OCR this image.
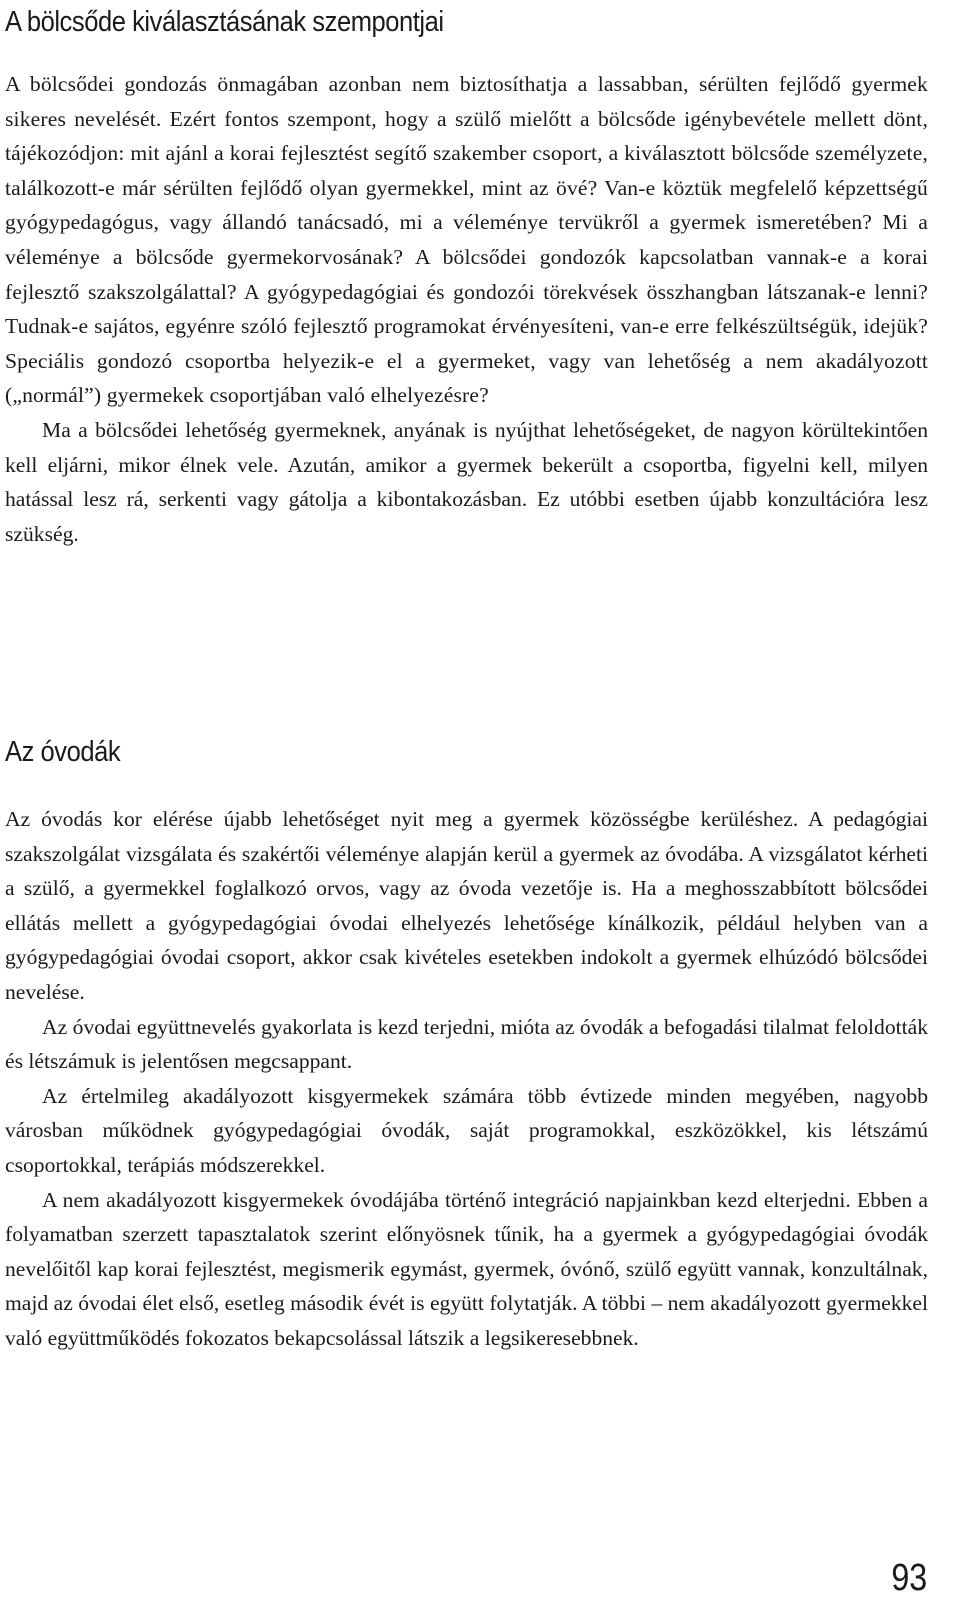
A bölcsőde kiválasztásának szempontjai

A bölcsődei gondozás önmagában azonban nem biztosíthatja a lassabban, sérülten fejlődő gyermek sikeres nevelését. Ezért fontos szempont, hogy a szülő mielőtt a bölcsőde igénybevétele mellett dönt, tájékozódjon: mit ajánl a korai fejlesztést segítő szakember csoport, a kiválasztott bölcsőde személyzete, találkozott-e már sérülten fejlődő olyan gyermekkel, mint az övé? Van-e köztük megfelelő képzettségű gyógypedagógus, vagy állandó tanácsadó, mi a véleménye tervükről a gyermek ismeretében? Mi a véleménye a bölcsőde gyermekorvosának? A bölcsődei gondozók kapcsolatban vannak-e a korai fejlesztő szakszolgálattal? A gyógypedagógiai és gondozói törekvések összhangban látszanak-e lenni? Tudnak-e sajátos, egyénre szóló fejlesztő programokat érvényesíteni, van-e erre felkészültségük, idejük? Speciális gondozó csoportba helyezik-e el a gyermeket, vagy van lehetőség a nem akadályozott („normál”) gyermekek csoportjában való elhelyezésre?

Ma a bölcsődei lehetőség gyermeknek, anyának is nyújthat lehetőségeket, de nagyon körültekintően kell eljárni, mikor élnek vele. Azután, amikor a gyermek bekerült a csoportba, figyelni kell, milyen hatással lesz rá, serkenti vagy gátolja a kibontakozásban. Ez utóbbi esetben újabb konzultációra lesz szükség.

Az óvodák

Az óvodás kor elérése újabb lehetőséget nyit meg a gyermek közösségbe kerüléshez. A pedagógiai szakszolgálat vizsgálata és szakértői véleménye alapján kerül a gyermek az óvodába. A vizsgálatot kérheti a szülő, a gyermekkel foglalkozó orvos, vagy az óvoda vezetője is. Ha a meghosszabbított bölcsődei ellátás mellett a gyógypedagógiai óvodai elhelyezés lehetősége kínálkozik, például helyben van a gyógypedagógiai óvodai csoport, akkor csak kivételes esetekben indokolt a gyermek elhúzódó bölcsődei nevelése.

Az óvodai együttnevelés gyakorlata is kezd terjedni, mióta az óvodák a befogadási tilalmat feloldották és létszámuk is jelentősen megcsappant.

Az értelmileg akadályozott kisgyermekek számára több évtizede minden megyében, nagyobb városban működnek gyógypedagógiai óvodák, saját programokkal, eszközökkel, kis létszámú csoportokkal, terápiás módszerekkel.

A nem akadályozott kisgyermekek óvodájába történő integráció napjainkban kezd elterjedni. Ebben a folyamatban szerzett tapasztalatok szerint előnyösnek tűnik, ha a gyermek a gyógypedagógiai óvodák nevelőitől kap korai fejlesztést, megismerik egymást, gyermek, óvónő, szülő együtt vannak, konzultálnak, majd az óvodai élet első, esetleg második évét is együtt folytatják. A többi – nem akadályozott gyermekkel való együttműködés fokozatos bekapcsolással látszik a legsikeresebbnek.

93
